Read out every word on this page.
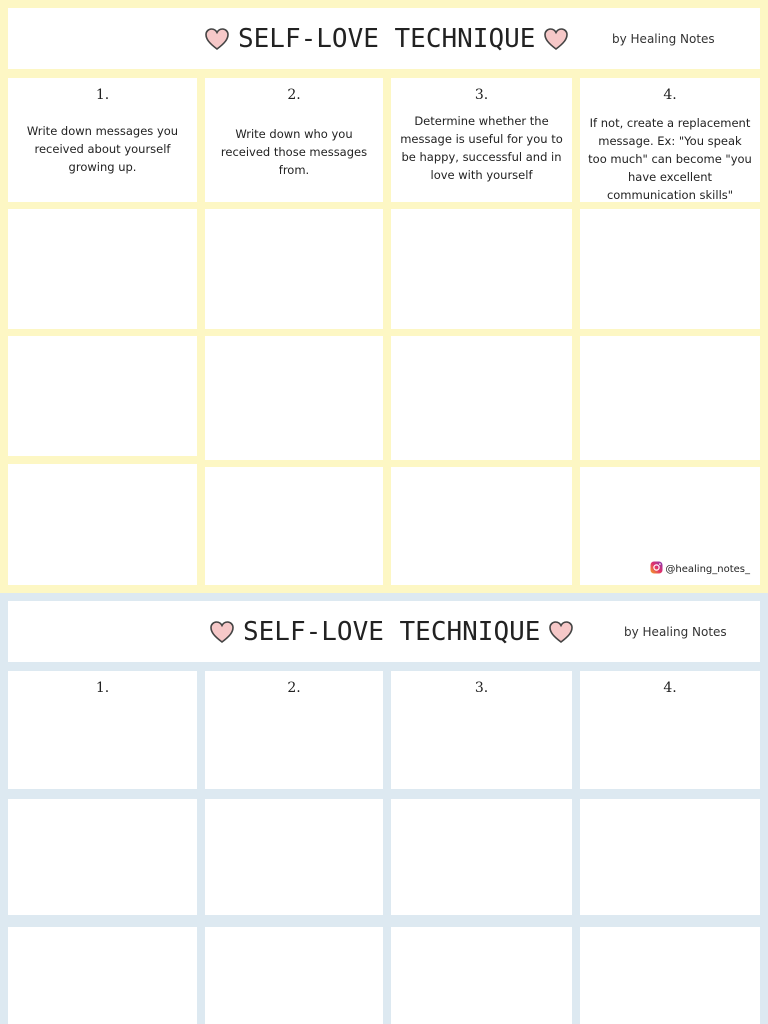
SELF-LOVE TECHNIQUE	by Healing Notes
1.
Write down messages you received about yourself growing up.
2.
Write down who you received those messages from.
3.
Determine whether the message is useful for you to be happy, successful and in love with yourself
4.
If not, create a replacement message. Ex: "You speak too much" can become "you have excellent communication skills"
@healing_notes_
SELF-LOVE TECHNIQUE	by Healing Notes
1.	2.	3.	4.
